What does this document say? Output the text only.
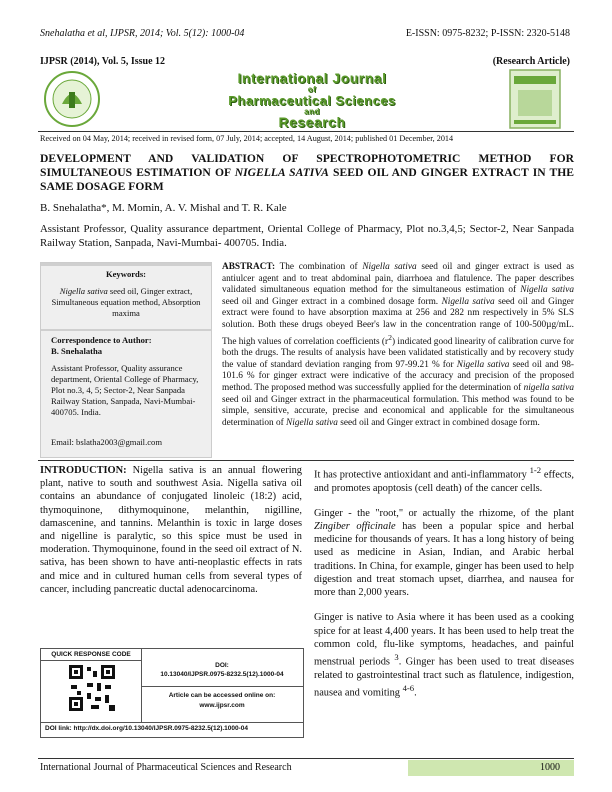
Snehalatha et al, IJPSR, 2014; Vol. 5(12): 1000-04	E-ISSN: 0975-8232; P-ISSN: 2320-5148
IJPSR (2014), Vol. 5, Issue 12	(Research Article)
International Journal
of
Pharmaceutical Sciences
and
Research
Received on 04 May, 2014; received in revised form, 07 July, 2014; accepted, 14 August, 2014; published 01 December, 2014
DEVELOPMENT AND VALIDATION OF SPECTROPHOTOMETRIC METHOD FOR SIMULTANEOUS ESTIMATION OF NIGELLA SATIVA SEED OIL AND GINGER EXTRACT IN THE SAME DOSAGE FORM
B. Snehalatha*, M. Momin, A. V. Mishal and T. R. Kale
Assistant Professor, Quality assurance department, Oriental College of Pharmacy, Plot no.3,4,5; Sector-2, Near Sanpada Railway Station, Sanpada, Navi-Mumbai- 400705. India.
Keywords:
Nigella sativa seed oil, Ginger extract, Simultaneous equation method, Absorption maxima
Correspondence to Author:
B. Snehalatha
Assistant Professor, Quality assurance department, Oriental College of Pharmacy, Plot no.3, 4, 5; Sector-2, Near Sanpada Railway Station, Sanpada, Navi-Mumbai- 400705. India.
Email: bslatha2003@gmail.com
ABSTRACT: The combination of Nigella sativa seed oil and ginger extract is used as antiulcer agent and to treat abdominal pain, diarrhoea and flatulence. The paper describes validated simultaneous equation method for the simultaneous estimation of Nigella sativa seed oil and Ginger extract in a combined dosage form. Nigella sativa seed oil and Ginger extract were found to have absorption maxima at 256 and 282 nm respectively in 5% SLS solution. Both these drugs obeyed Beer's law in the concentration range of 100-500µg/mL. The high values of correlation coefficients $(r^2)$ indicated good linearity of calibration curve for both the drugs. The results of analysis have been validated statistically and by recovery study the value of standard deviation ranging from 97-99.21 % for Nigella sativa seed oil and 98-101.6 % for ginger extract were indicative of the accuracy and precision of the proposed method. The proposed method was successfully applied for the determination of nigella sativa seed oil and Ginger extract in the pharmaceutical formulation. This method was found to be simple, sensitive, accurate, precise and economical and applicable for the simultaneous determination of Nigella sativa seed oil and Ginger extract in combined dosage form.
INTRODUCTION: Nigella sativa is an annual flowering plant, native to south and southwest Asia. Nigella sativa oil contains an abundance of conjugated linoleic (18:2) acid, thymoquinone, dithymoquinone, melanthin, nigilline, damascenine, and tannins. Melanthin is toxic in large doses and nigelline is paralytic, so this spice must be used in moderation. Thymoquinone, found in the seed oil extract of N. sativa, has been shown to have anti-neoplastic effects in rats and mice and in cultured human cells from several types of cancer, including pancreatic ductal adenocarcinoma.
QUICK RESPONSE CODE
DOI:
10.13040/IJPSR.0975-8232.5(12).1000-04
Article can be accessed online on:
www.ijpsr.com
DOI link: http://dx.doi.org/10.13040/IJPSR.0975-8232.5(12).1000-04

It has protective antioxidant and anti-inflammatory $^{1-2}$ effects, and promotes apoptosis (cell death) of the cancer cells.

Ginger - the "root," or actually the rhizome, of the plant Zingiber officinale has been a popular spice and herbal medicine for thousands of years. It has a long history of being used as medicine in Asian, Indian, and Arabic herbal traditions. In China, for example, ginger has been used to help digestion and treat stomach upset, diarrhea, and nausea for more than 2,000 years.

Ginger is native to Asia where it has been used as a cooking spice for at least 4,400 years. It has been used to help treat the common cold, flu-like symptoms, headaches, and painful menstrual periods $^3$. Ginger has been used to treat diseases related to gastrointestinal tract such as flatulence, indigestion, nausea and vomiting $^{4-6}$.

International Journal of Pharmaceutical Sciences and Research	1000
